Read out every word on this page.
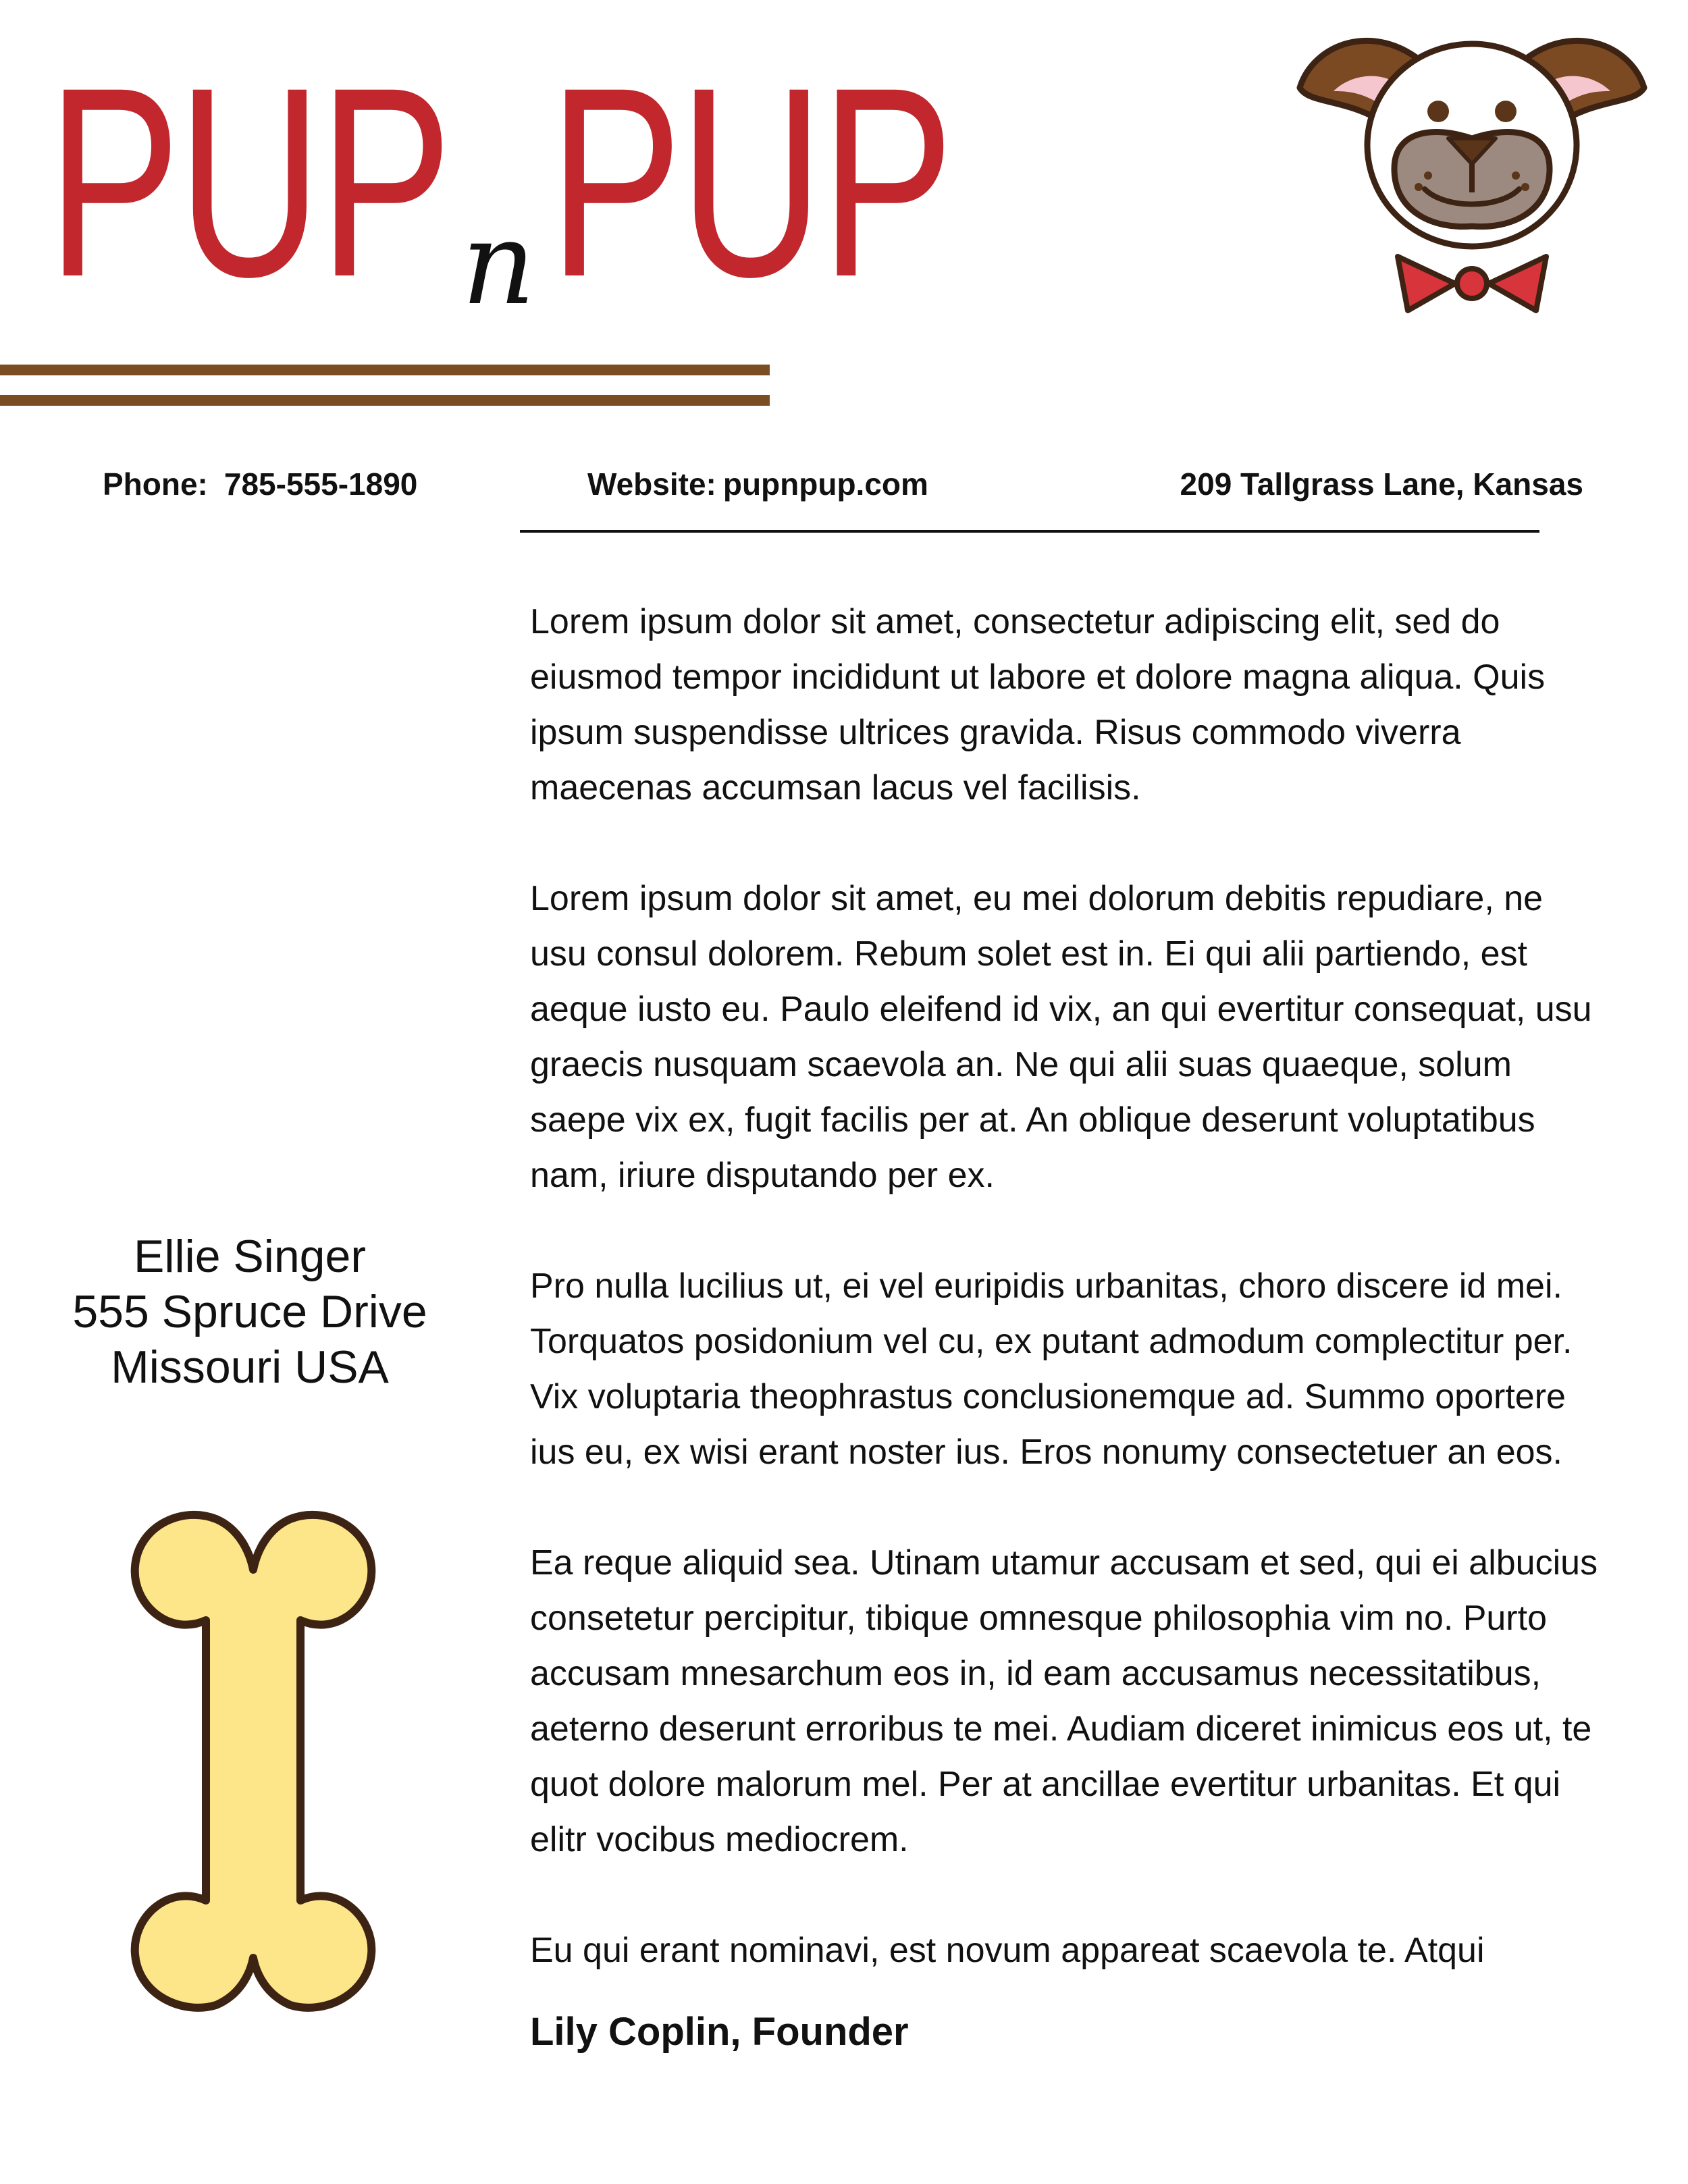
PUP n PUP
Phone: 785-555-1890	Website: pupnpup.com	209 Tallgrass Lane, Kansas
Ellie Singer
555 Spruce Drive
Missouri USA

Lorem ipsum dolor sit amet, consectetur adipiscing elit, sed do eiusmod tempor incididunt ut labore et dolore magna aliqua. Quis ipsum suspendisse ultrices gravida. Risus commodo viverra maecenas accumsan lacus vel facilisis.

Lorem ipsum dolor sit amet, eu mei dolorum debitis repudiare, ne usu consul dolorem. Rebum solet est in. Ei qui alii partiendo, est aeque iusto eu. Paulo eleifend id vix, an qui evertitur consequat, usu graecis nusquam scaevola an. Ne qui alii suas quaeque, solum saepe vix ex, fugit facilis per at. An oblique deserunt voluptatibus nam, iriure disputando per ex.

Pro nulla lucilius ut, ei vel euripidis urbanitas, choro discere id mei. Torquatos posidonium vel cu, ex putant admodum complectitur per. Vix voluptaria theophrastus conclusionemque ad. Summo oportere ius eu, ex wisi erant noster ius. Eros nonumy consectetuer an eos.

Ea reque aliquid sea. Utinam utamur accusam et sed, qui ei albucius consetetur percipitur, tibique omnesque philosophia vim no. Purto accusam mnesarchum eos in, id eam accusamus necessitatibus, aeterno deserunt erroribus te mei. Audiam diceret inimicus eos ut, te quot dolore malorum mel. Per at ancillae evertitur urbanitas. Et qui elitr vocibus mediocrem.

Eu qui erant nominavi, est novum appareat scaevola te. Atqui

Lily Coplin, Founder
